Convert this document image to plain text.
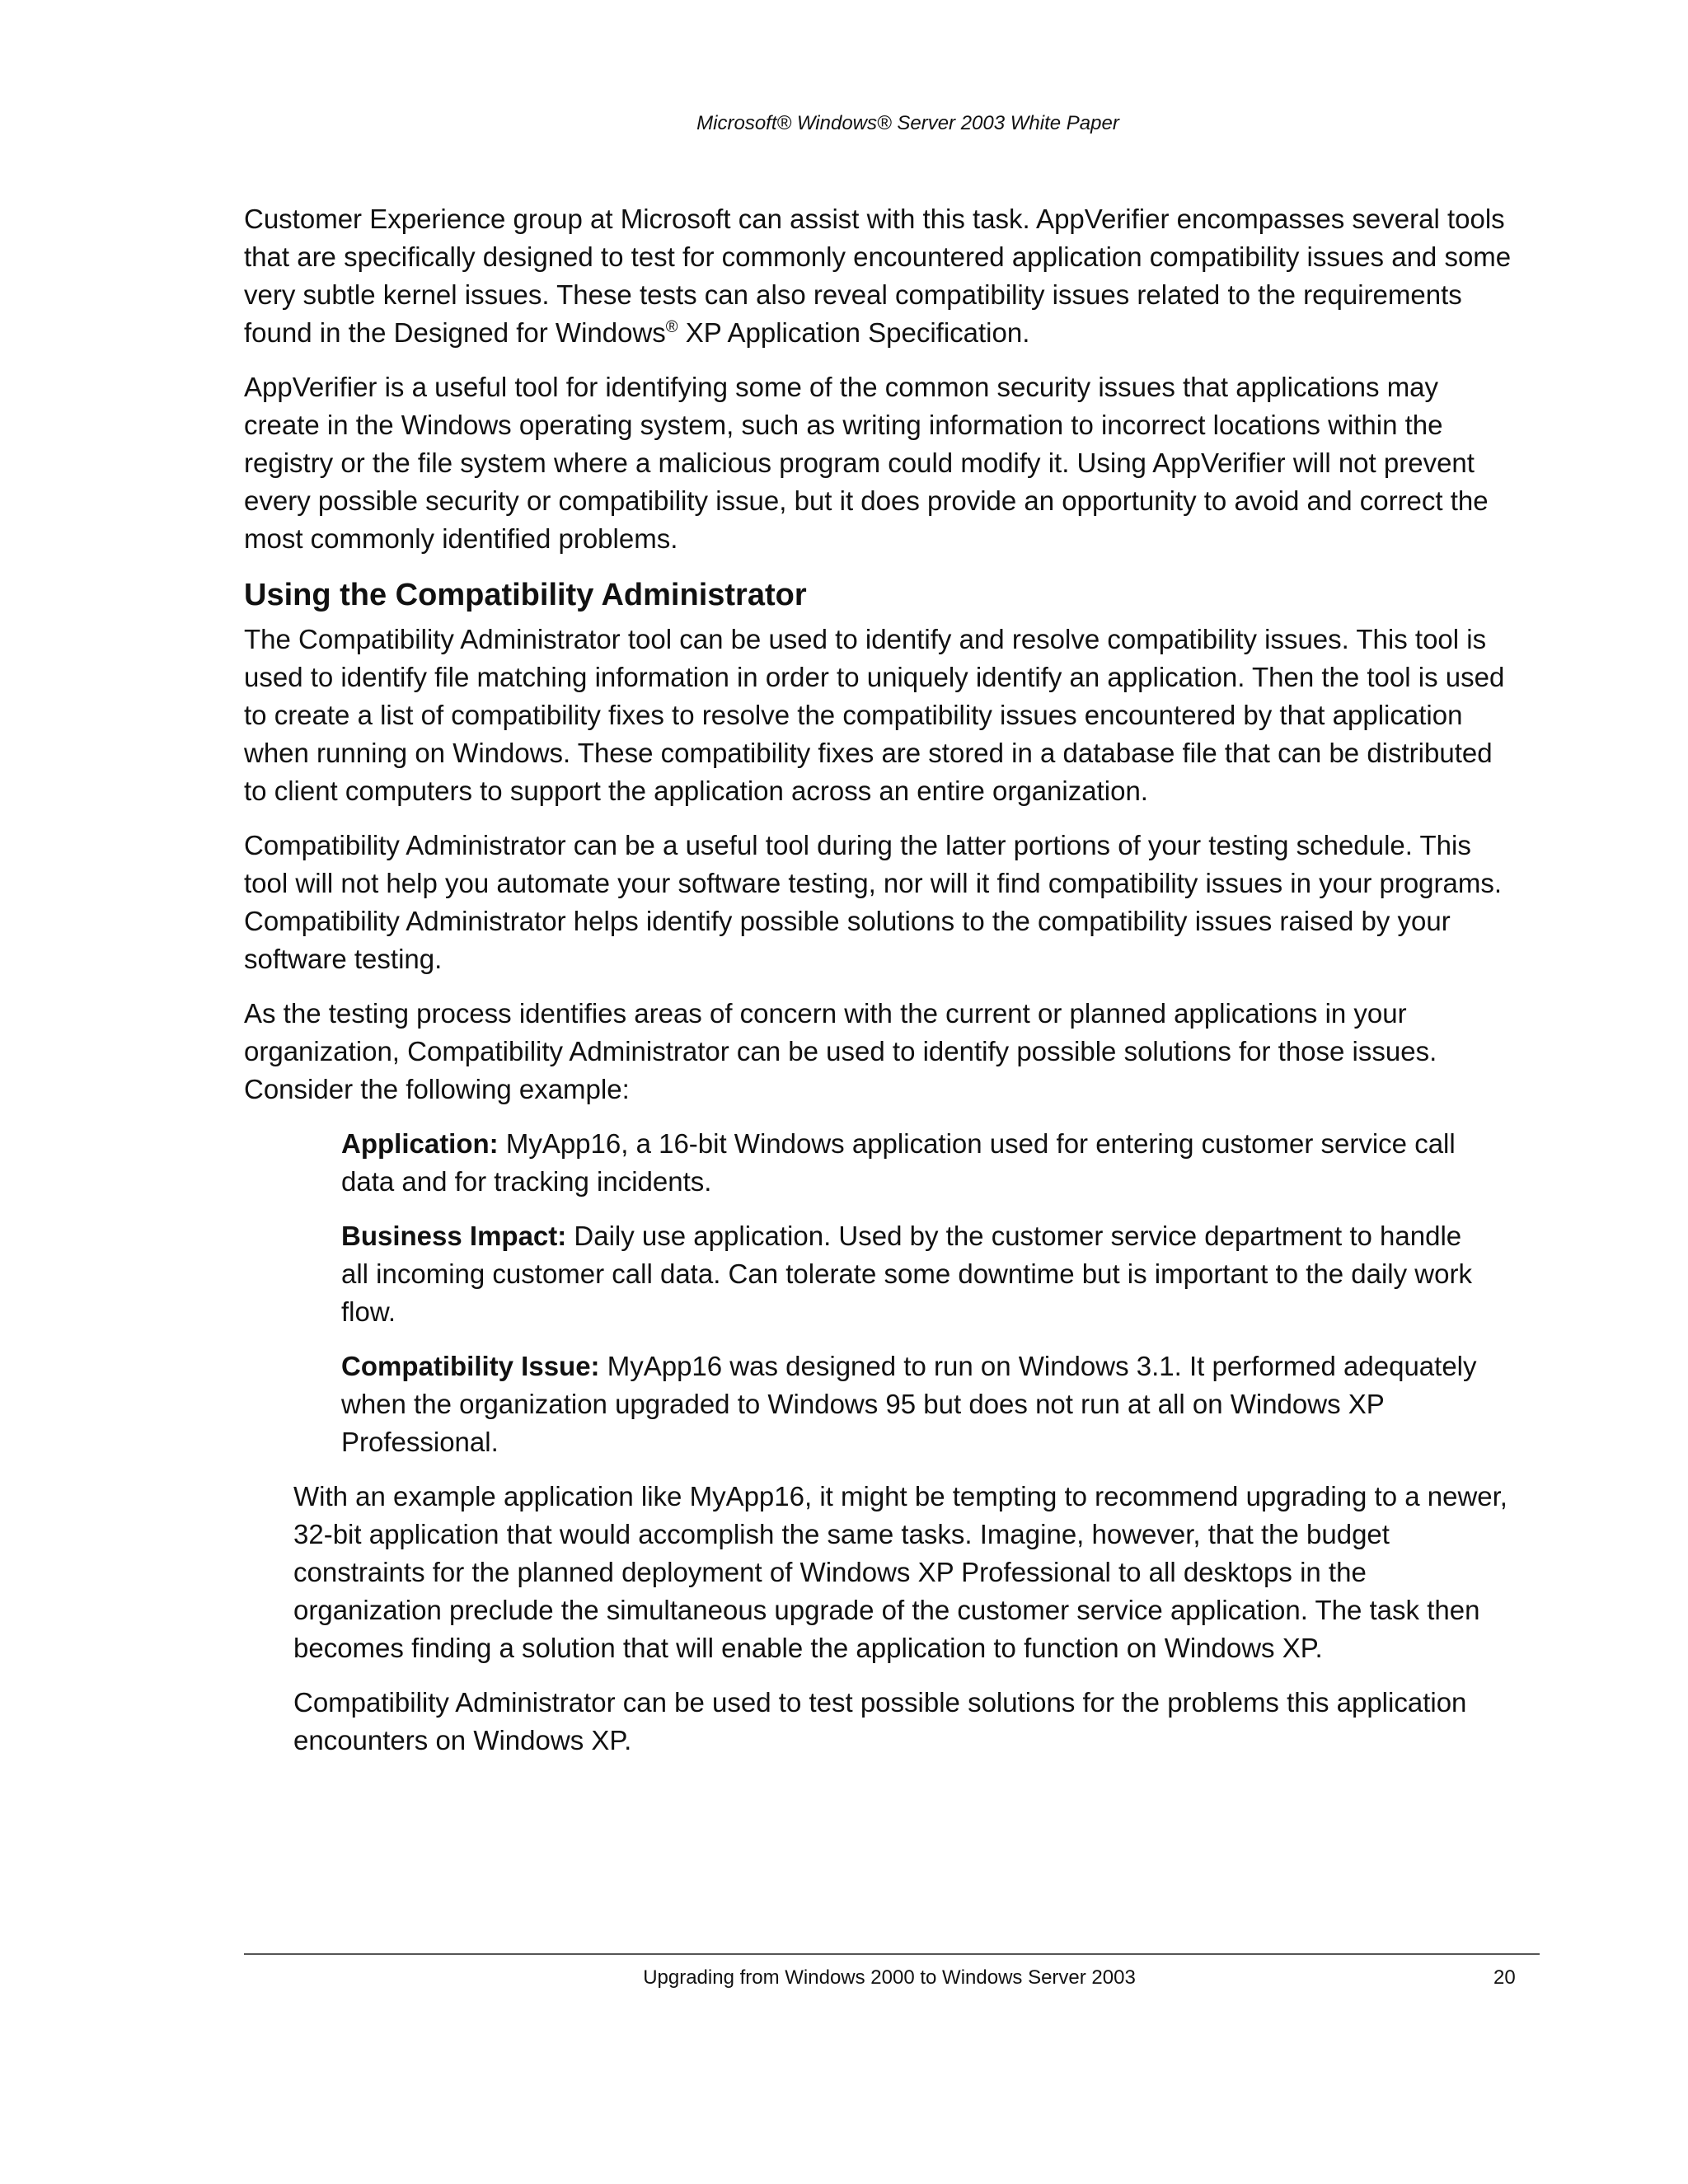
Microsoft® Windows® Server 2003 White Paper

Customer Experience group at Microsoft can assist with this task. AppVerifier encompasses several tools that are specifically designed to test for commonly encountered application compatibility issues and some very subtle kernel issues. These tests can also reveal compatibility issues related to the requirements found in the Designed for Windows® XP Application Specification.

AppVerifier is a useful tool for identifying some of the common security issues that applications may create in the Windows operating system, such as writing information to incorrect locations within the registry or the file system where a malicious program could modify it. Using AppVerifier will not prevent every possible security or compatibility issue, but it does provide an opportunity to avoid and correct the most commonly identified problems.

Using the Compatibility Administrator

The Compatibility Administrator tool can be used to identify and resolve compatibility issues. This tool is used to identify file matching information in order to uniquely identify an application. Then the tool is used to create a list of compatibility fixes to resolve the compatibility issues encountered by that application when running on Windows. These compatibility fixes are stored in a database file that can be distributed to client computers to support the application across an entire organization.

Compatibility Administrator can be a useful tool during the latter portions of your testing schedule. This tool will not help you automate your software testing, nor will it find compatibility issues in your programs. Compatibility Administrator helps identify possible solutions to the compatibility issues raised by your software testing.

As the testing process identifies areas of concern with the current or planned applications in your organization, Compatibility Administrator can be used to identify possible solutions for those issues. Consider the following example:

Application: MyApp16, a 16-bit Windows application used for entering customer service call data and for tracking incidents.

Business Impact: Daily use application. Used by the customer service department to handle all incoming customer call data. Can tolerate some downtime but is important to the daily work flow.

Compatibility Issue: MyApp16 was designed to run on Windows 3.1. It performed adequately when the organization upgraded to Windows 95 but does not run at all on Windows XP Professional.

With an example application like MyApp16, it might be tempting to recommend upgrading to a newer, 32-bit application that would accomplish the same tasks. Imagine, however, that the budget constraints for the planned deployment of Windows XP Professional to all desktops in the organization preclude the simultaneous upgrade of the customer service application. The task then becomes finding a solution that will enable the application to function on Windows XP.

Compatibility Administrator can be used to test possible solutions for the problems this application encounters on Windows XP.

Upgrading from Windows 2000 to Windows Server 2003	20
